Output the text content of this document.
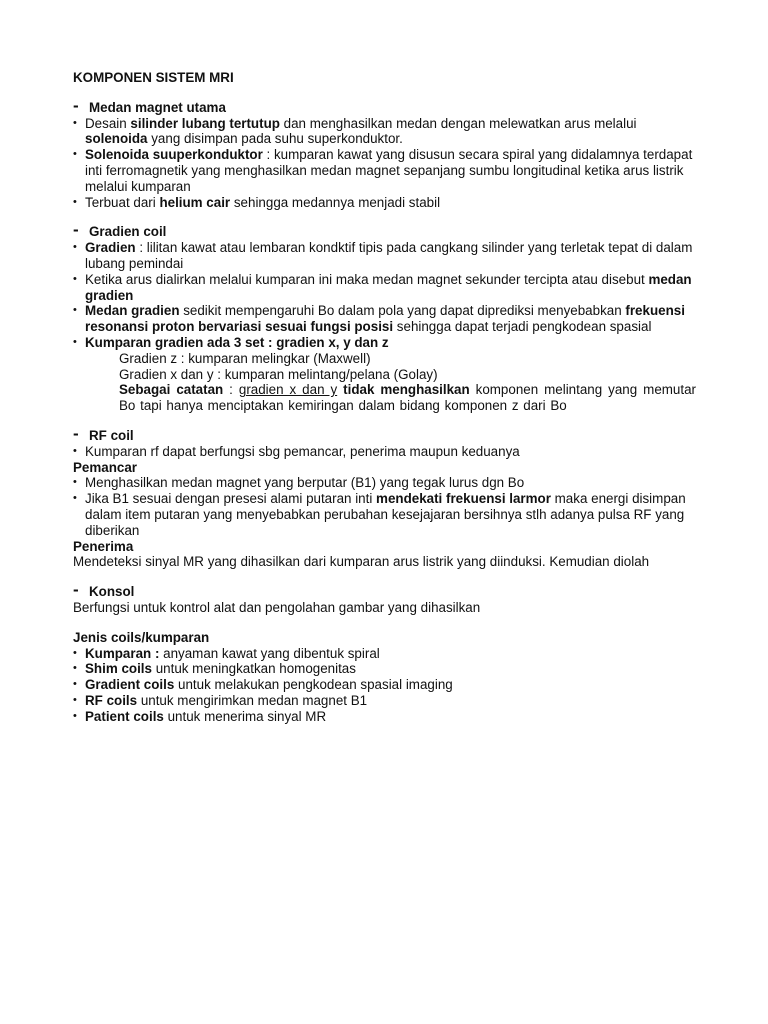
KOMPONEN SISTEM MRI
- Medan magnet utama
• Desain silinder lubang tertutup dan menghasilkan medan dengan melewatkan arus melalui solenoida yang disimpan pada suhu superkonduktor.
• Solenoida suuperkonduktor : kumparan kawat yang disusun secara spiral yang didalamnya terdapat inti ferromagnetik yang menghasilkan medan magnet sepanjang sumbu longitudinal ketika arus listrik melalui kumparan
• Terbuat dari helium cair sehingga medannya menjadi stabil
- Gradien coil
• Gradien : lilitan kawat atau lembaran kondktif tipis pada cangkang silinder yang terletak tepat di dalam lubang pemindai
• Ketika arus dialirkan melalui kumparan ini maka medan magnet sekunder tercipta atau disebut medan gradien
• Medan gradien sedikit mempengaruhi Bo dalam pola yang dapat diprediksi menyebabkan frekuensi resonansi proton bervariasi sesuai fungsi posisi sehingga dapat terjadi pengkodean spasial
• Kumparan gradien ada 3 set : gradien x, y dan z
Gradien z : kumparan melingkar (Maxwell)
Gradien x dan y : kumparan melintang/pelana (Golay)
Sebagai catatan : gradien x dan y tidak menghasilkan komponen melintang yang memutar Bo tapi hanya menciptakan kemiringan dalam bidang komponen z dari Bo
- RF coil
• Kumparan rf dapat berfungsi sbg pemancar, penerima maupun keduanya
Pemancar
• Menghasilkan medan magnet yang berputar (B1) yang tegak lurus dgn Bo
• Jika B1 sesuai dengan presesi alami putaran inti mendekati frekuensi larmor maka energi disimpan dalam item putaran yang menyebabkan perubahan kesejajaran bersihnya stlh adanya pulsa RF yang diberikan
Penerima
Mendeteksi sinyal MR yang dihasilkan dari kumparan arus listrik yang diinduksi. Kemudian diolah
- Konsol
Berfungsi untuk kontrol alat dan pengolahan gambar yang dihasilkan
Jenis coils/kumparan
• Kumparan : anyaman kawat yang dibentuk spiral
• Shim coils untuk meningkatkan homogenitas
• Gradient coils untuk melakukan pengkodean spasial imaging
• RF coils untuk mengirimkan medan magnet B1
• Patient coils untuk menerima sinyal MR
